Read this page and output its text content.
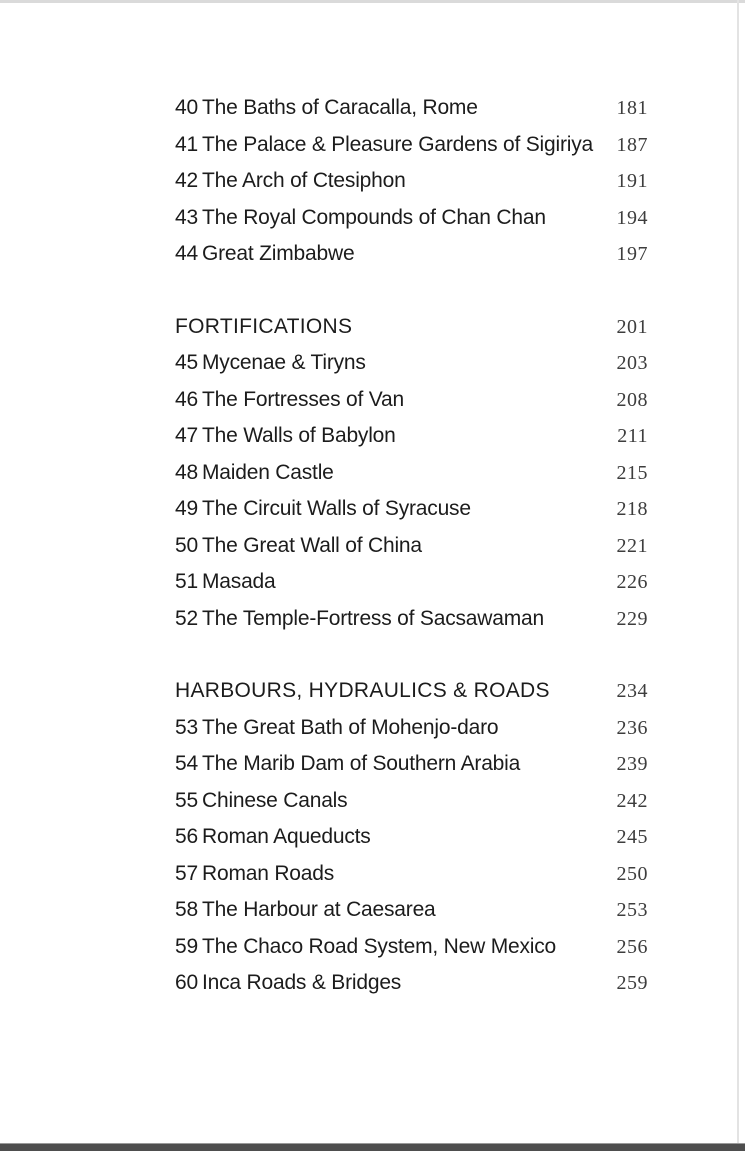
40 The Baths of Caracalla, Rome	181
41 The Palace & Pleasure Gardens of Sigiriya	187
42 The Arch of Ctesiphon	191
43 The Royal Compounds of Chan Chan	194
44 Great Zimbabwe	197
FORTIFICATIONS	201
45 Mycenae & Tiryns	203
46 The Fortresses of Van	208
47 The Walls of Babylon	211
48 Maiden Castle	215
49 The Circuit Walls of Syracuse	218
50 The Great Wall of China	221
51 Masada	226
52 The Temple-Fortress of Sacsawaman	229
HARBOURS, HYDRAULICS & ROADS	234
53 The Great Bath of Mohenjo-daro	236
54 The Marib Dam of Southern Arabia	239
55 Chinese Canals	242
56 Roman Aqueducts	245
57 Roman Roads	250
58 The Harbour at Caesarea	253
59 The Chaco Road System, New Mexico	256
60 Inca Roads & Bridges	259
